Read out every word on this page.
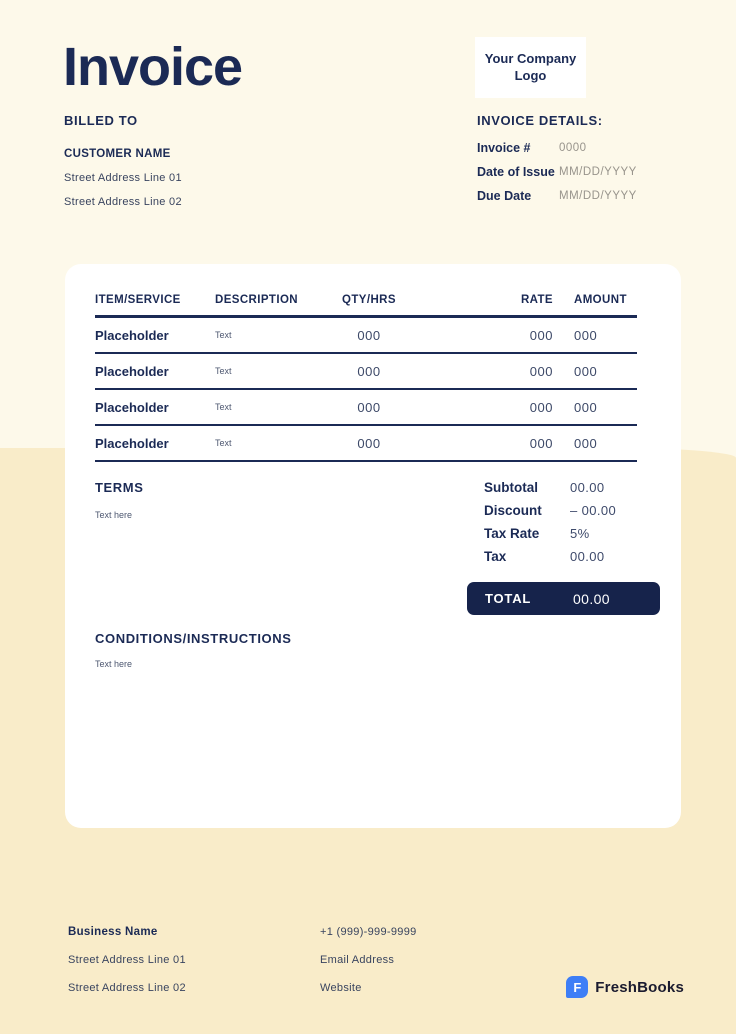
Invoice	Your Company Logo
BILLED TO
CUSTOMER NAME
Street Address Line 01
Street Address Line 02
INVOICE DETAILS:
Invoice #	0000
Date of Issue MM/DD/YYYY
Due Date	MM/DD/YYYY
ITEM/SERVICE	DESCRIPTION	QTY/HRS	RATE	AMOUNT
Placeholder	Text	000	000	000
Placeholder	Text	000	000	000
Placeholder	Text	000	000	000
Placeholder	Text	000	000	000
TERMS
Text here
Subtotal	00.00
Discount	– 00.00
Tax Rate	5%
Tax	00.00
TOTAL	00.00
CONDITIONS/INSTRUCTIONS
Text here
Business Name
Street Address Line 01
Street Address Line 02
+1 (999)-999-9999
Email Address
Website	F FreshBooks
